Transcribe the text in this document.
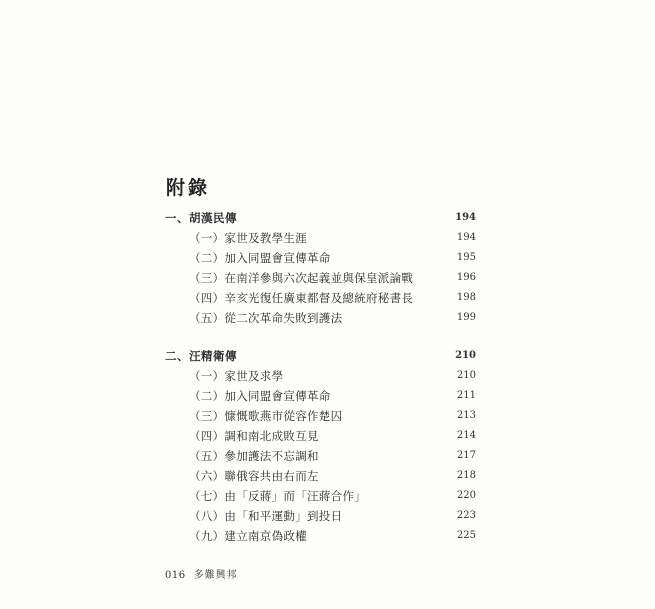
附錄
一、胡漢民傳	194
（一）家世及教學生涯	194
（二）加入同盟會宣傳革命	195
（三）在南洋參與六次起義並與保皇派論戰	196
（四）辛亥光復任廣東都督及總統府秘書長	198
（五）從二次革命失敗到護法	199
二、汪精衛傳	210
（一）家世及求學	210
（二）加入同盟會宣傳革命	211
（三）慷慨歌燕市從容作楚囚	213
（四）調和南北成敗互見	214
（五）參加護法不忘調和	217
（六）聯俄容共由右而左	218
（七）由「反蔣」而「汪蔣合作」	220
（八）由「和平運動」到投日	223
（九）建立南京偽政權	225
016 多難興邦
